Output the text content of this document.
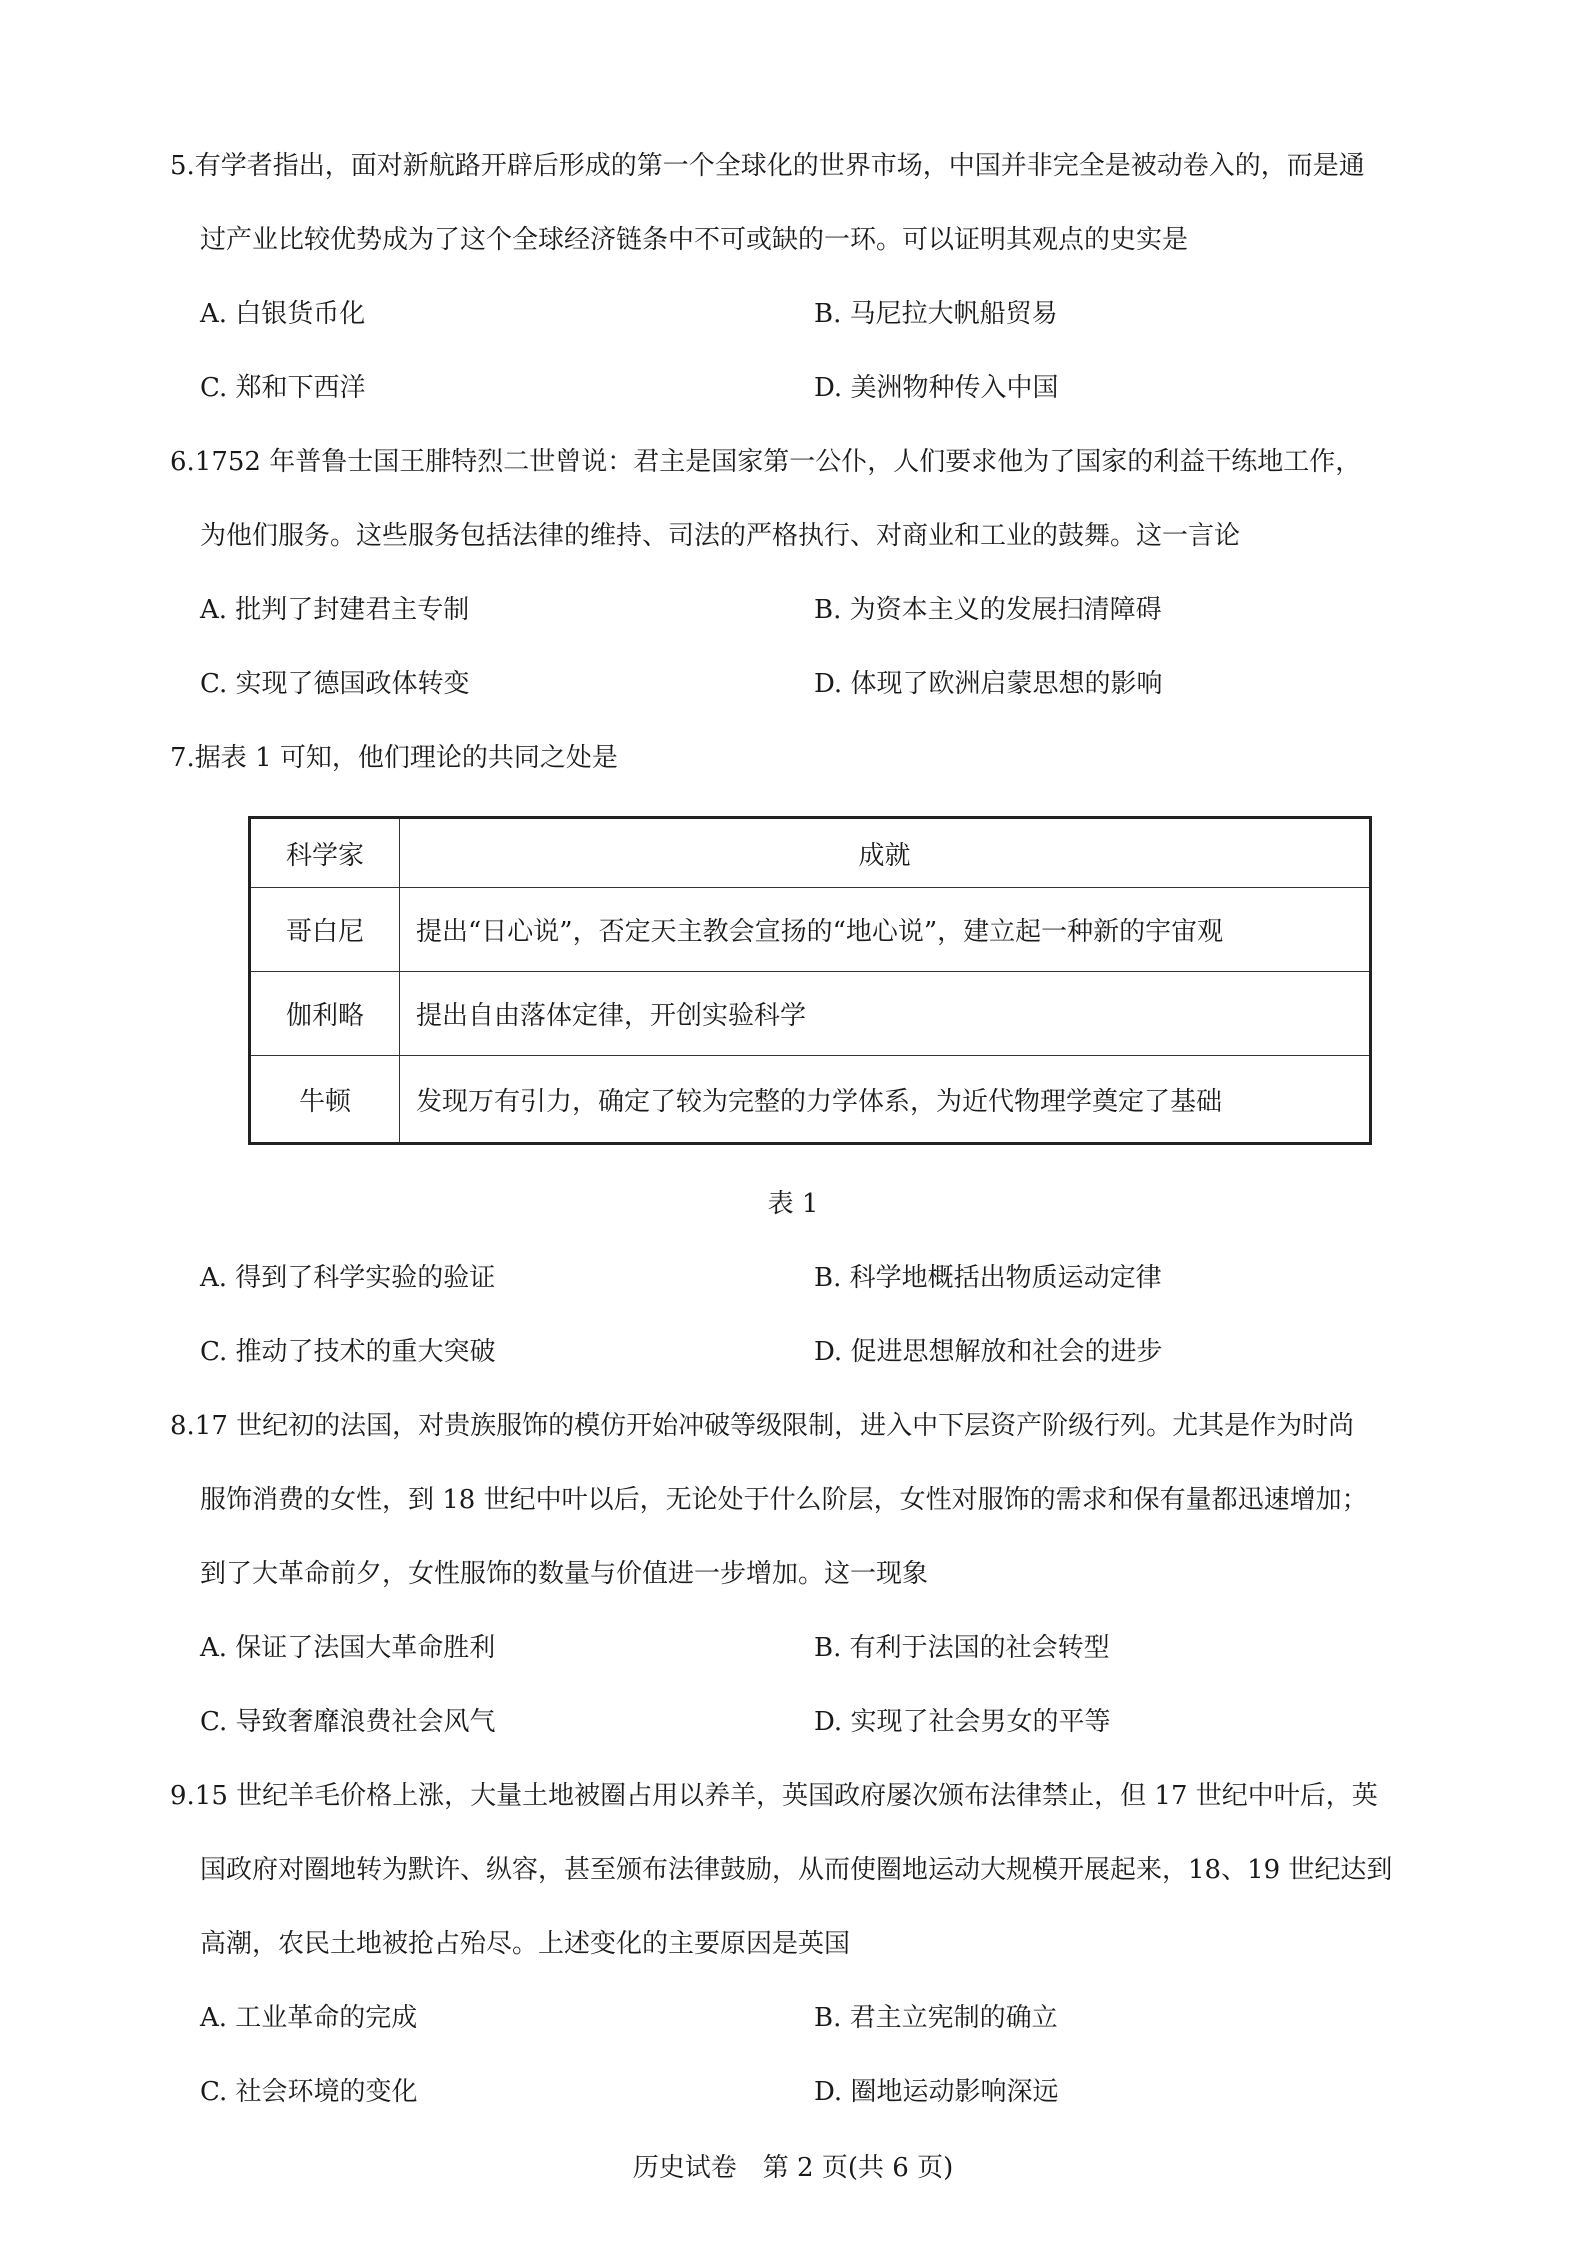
5.有学者指出，面对新航路开辟后形成的第一个全球化的世界市场，中国并非完全是被动卷入的，而是通
过产业比较优势成为了这个全球经济链条中不可或缺的一环。可以证明其观点的史实是
A. 白银货币化	B. 马尼拉大帆船贸易
C. 郑和下西洋	D. 美洲物种传入中国
6.1752 年普鲁士国王腓特烈二世曾说：君主是国家第一公仆，人们要求他为了国家的利益干练地工作，
为他们服务。这些服务包括法律的维持、司法的严格执行、对商业和工业的鼓舞。这一言论
A. 批判了封建君主专制	B. 为资本主义的发展扫清障碍
C. 实现了德国政体转变	D. 体现了欧洲启蒙思想的影响
7.据表 1 可知，他们理论的共同之处是
科学家	成就
哥白尼	提出“日心说”，否定天主教会宣扬的“地心说”，建立起一种新的宇宙观
伽利略	提出自由落体定律，开创实验科学
牛顿	发现万有引力，确定了较为完整的力学体系，为近代物理学奠定了基础
表 1
A. 得到了科学实验的验证	B. 科学地概括出物质运动定律
C. 推动了技术的重大突破	D. 促进思想解放和社会的进步
8.17 世纪初的法国，对贵族服饰的模仿开始冲破等级限制，进入中下层资产阶级行列。尤其是作为时尚
服饰消费的女性，到 18 世纪中叶以后，无论处于什么阶层，女性对服饰的需求和保有量都迅速增加；
到了大革命前夕，女性服饰的数量与价值进一步增加。这一现象
A. 保证了法国大革命胜利	B. 有利于法国的社会转型
C. 导致奢靡浪费社会风气	D. 实现了社会男女的平等
9.15 世纪羊毛价格上涨，大量土地被圈占用以养羊，英国政府屡次颁布法律禁止，但 17 世纪中叶后，英
国政府对圈地转为默许、纵容，甚至颁布法律鼓励，从而使圈地运动大规模开展起来，18、19 世纪达到
高潮，农民土地被抢占殆尽。上述变化的主要原因是英国
A. 工业革命的完成	B. 君主立宪制的确立
C. 社会环境的变化	D. 圈地运动影响深远
历史试卷　第 2 页(共 6 页)
